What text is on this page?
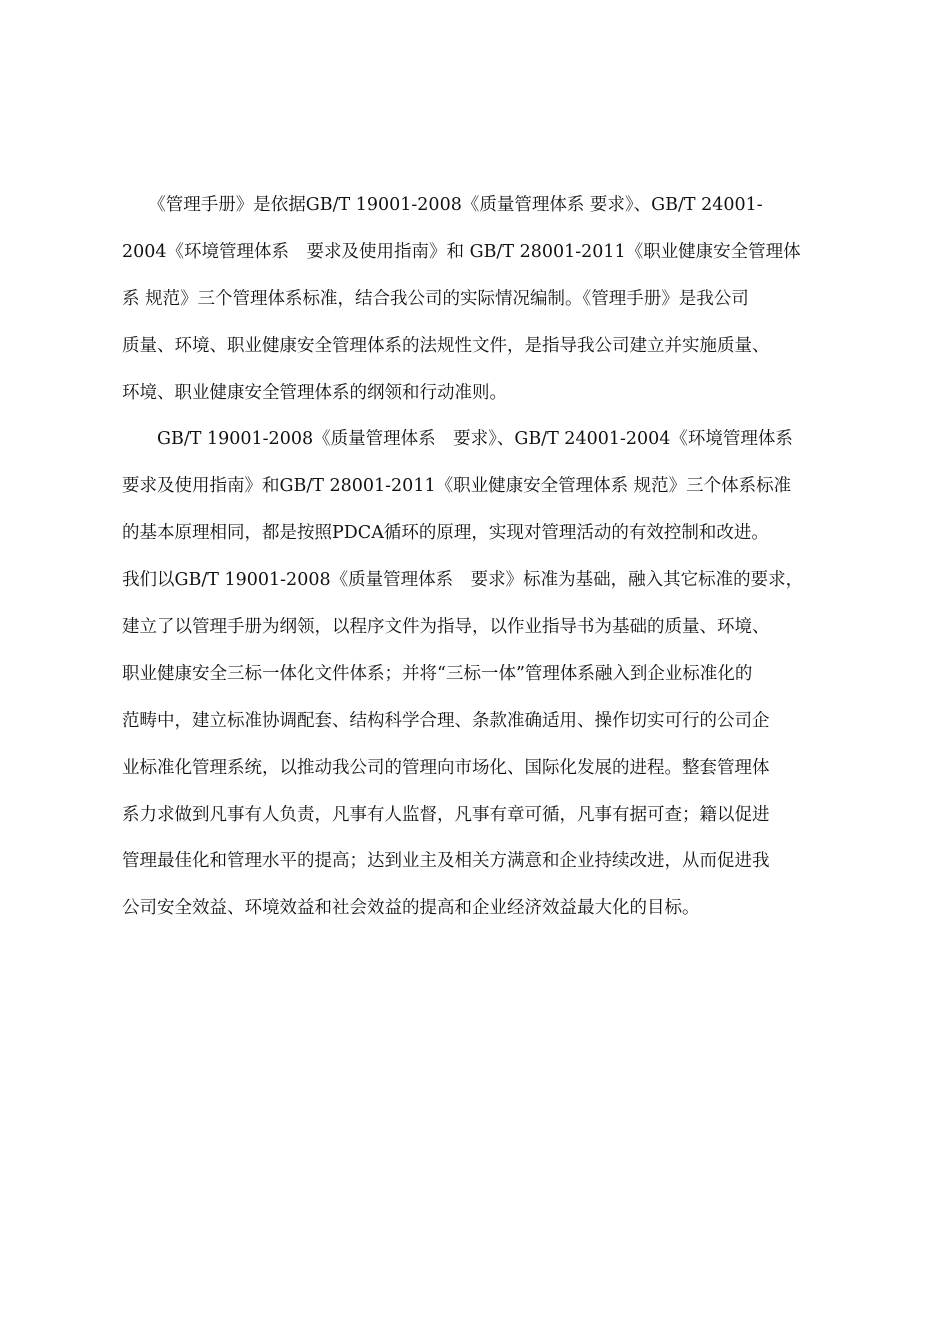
　　《管理手册》是依据GB/T 19001-2008《质量管理体系 要求》、GB/T 24001-
2004《环境管理体系　要求及使用指南》和 GB/T 28001-2011《职业健康安全管理体
系 规范》三个管理体系标准，结合我公司的实际情况编制。《管理手册》是我公司
质量、环境、职业健康安全管理体系的法规性文件，是指导我公司建立并实施质量、
环境、职业健康安全管理体系的纲领和行动准则。
　　GB/T 19001-2008《质量管理体系　要求》、GB/T 24001-2004《环境管理体系
要求及使用指南》和GB/T 28001-2011《职业健康安全管理体系 规范》三个体系标准
的基本原理相同，都是按照PDCA循环的原理，实现对管理活动的有效控制和改进。
我们以GB/T 19001-2008《质量管理体系　要求》标准为基础，融入其它标准的要求，
建立了以管理手册为纲领，以程序文件为指导，以作业指导书为基础的质量、环境、
职业健康安全三标一体化文件体系；并将“三标一体”管理体系融入到企业标准化的
范畴中，建立标准协调配套、结构科学合理、条款准确适用、操作切实可行的公司企
业标准化管理系统，以推动我公司的管理向市场化、国际化发展的进程。整套管理体
系力求做到凡事有人负责，凡事有人监督，凡事有章可循，凡事有据可查；籍以促进
管理最佳化和管理水平的提高；达到业主及相关方满意和企业持续改进，从而促进我
公司安全效益、环境效益和社会效益的提高和企业经济效益最大化的目标。
